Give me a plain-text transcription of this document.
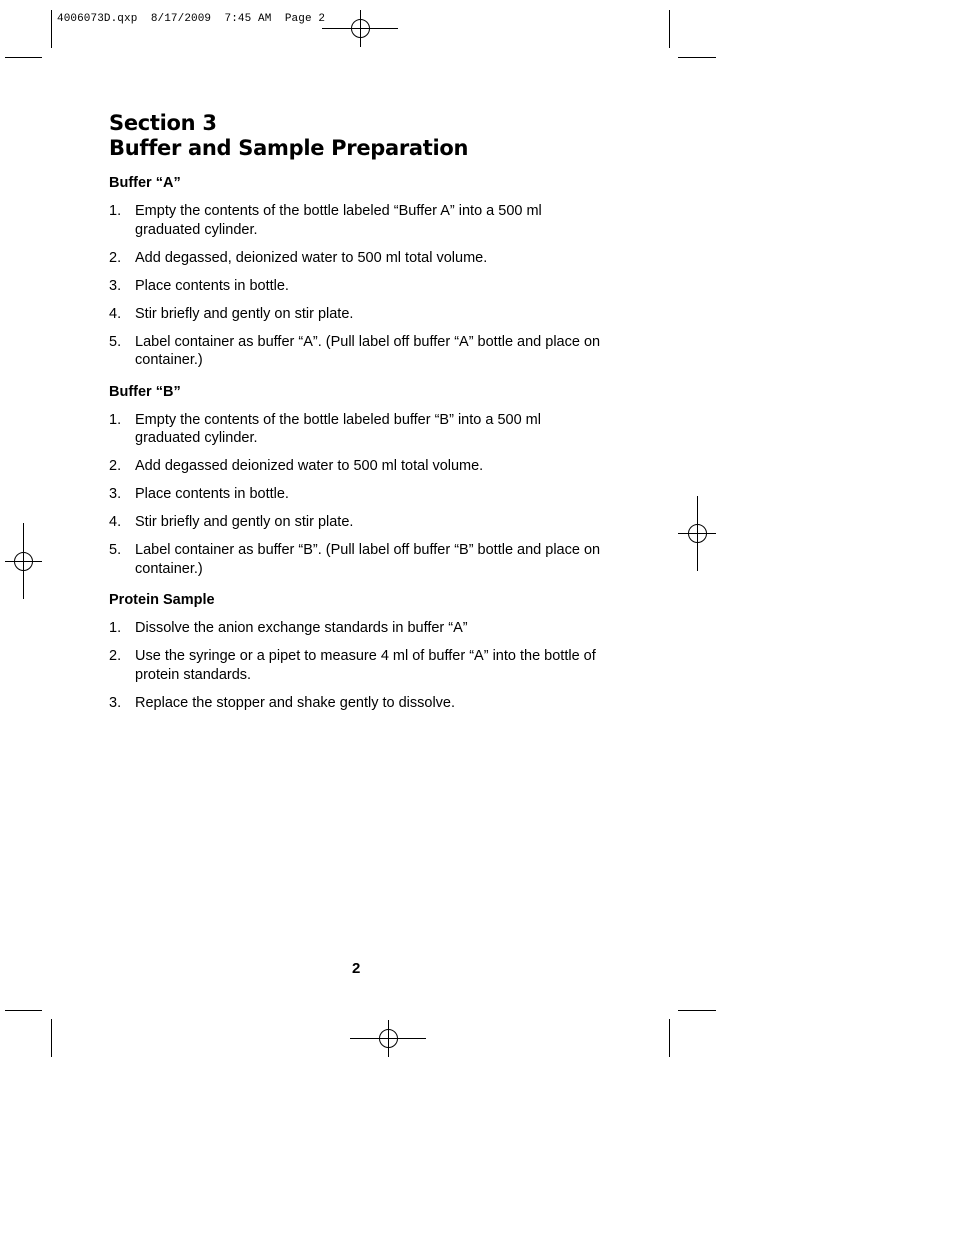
4006073D.qxp  8/17/2009  7:45 AM  Page 2
Section 3
Buffer and Sample Preparation
Buffer “A”
1. Empty the contents of the bottle labeled “Buffer A” into a 500 ml graduated cylinder.
2. Add degassed, deionized water to 500 ml total volume.
3. Place contents in bottle.
4. Stir briefly and gently on stir plate.
5. Label container as buffer “A”. (Pull label off buffer “A” bottle and place on container.)
Buffer “B”
1. Empty the contents of the bottle labeled buffer “B” into a 500 ml graduated cylinder.
2. Add degassed deionized water to 500 ml total volume.
3. Place contents in bottle.
4. Stir briefly and gently on stir plate.
5. Label container as buffer “B”. (Pull label off buffer “B” bottle and place on container.)
Protein Sample
1. Dissolve the anion exchange standards in buffer “A”
2. Use the syringe or a pipet to measure 4 ml of buffer “A” into the bottle of protein standards.
3. Replace the stopper and shake gently to dissolve.

2
